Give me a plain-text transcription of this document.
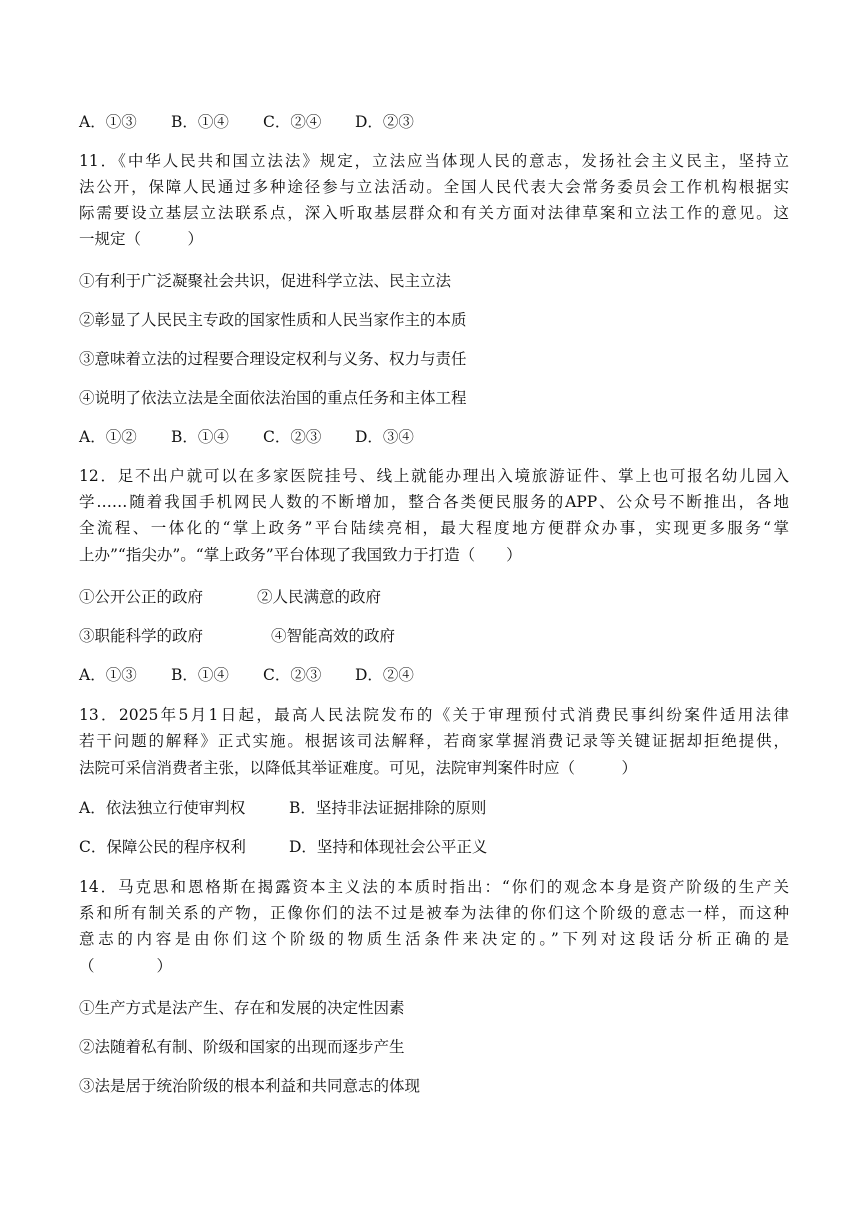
A．①③ B．①④ C．②④ D．②③
11．《中华人民共和国立法法》规定，立法应当体现人民的意志，发扬社会主义民主，坚持立
法公开，保障人民通过多种途径参与立法活动。全国人民代表大会常务委员会工作机构根据实
际需要设立基层立法联系点，深入听取基层群众和有关方面对法律草案和立法工作的意见。这
一规定（　　　）
①有利于广泛凝聚社会共识，促进科学立法、民主立法
②彰显了人民民主专政的国家性质和人民当家作主的本质
③意味着立法的过程要合理设定权利与义务、权力与责任
④说明了依法立法是全面依法治国的重点任务和主体工程
A．①② B．①④ C．②③ D．③④
12．足不出户就可以在多家医院挂号、线上就能办理出入境旅游证件、掌上也可报名幼儿园入
学……随着我国手机网民人数的不断增加，整合各类便民服务的APP、公众号不断推出，各地
全流程、一体化的“掌上政务”平台陆续亮相，最大程度地方便群众办事，实现更多服务“掌
上办”“指尖办”。“掌上政务”平台体现了我国致力于打造（　　）
①公开公正的政府	②人民满意的政府
③职能科学的政府	④智能高效的政府
A．①③ B．①④ C．②③ D．②④
13．2025年5月1日起，最高人民法院发布的《关于审理预付式消费民事纠纷案件适用法律
若干问题的解释》正式实施。根据该司法解释，若商家掌握消费记录等关键证据却拒绝提供，
法院可采信消费者主张，以降低其举证难度。可见，法院审判案件时应（　　　）
A．依法独立行使审判权	B．坚持非法证据排除的原则
C．保障公民的程序权利	D．坚持和体现社会公平正义
14．马克思和恩格斯在揭露资本主义法的本质时指出：“你们的观念本身是资产阶级的生产关
系和所有制关系的产物，正像你们的法不过是被奉为法律的你们这个阶级的意志一样，而这种
意志的内容是由你们这个阶级的物质生活条件来决定的。”下列对这段话分析正确的是
（　　　　）
①生产方式是法产生、存在和发展的决定性因素
②法随着私有制、阶级和国家的出现而逐步产生
③法是居于统治阶级的根本利益和共同意志的体现
